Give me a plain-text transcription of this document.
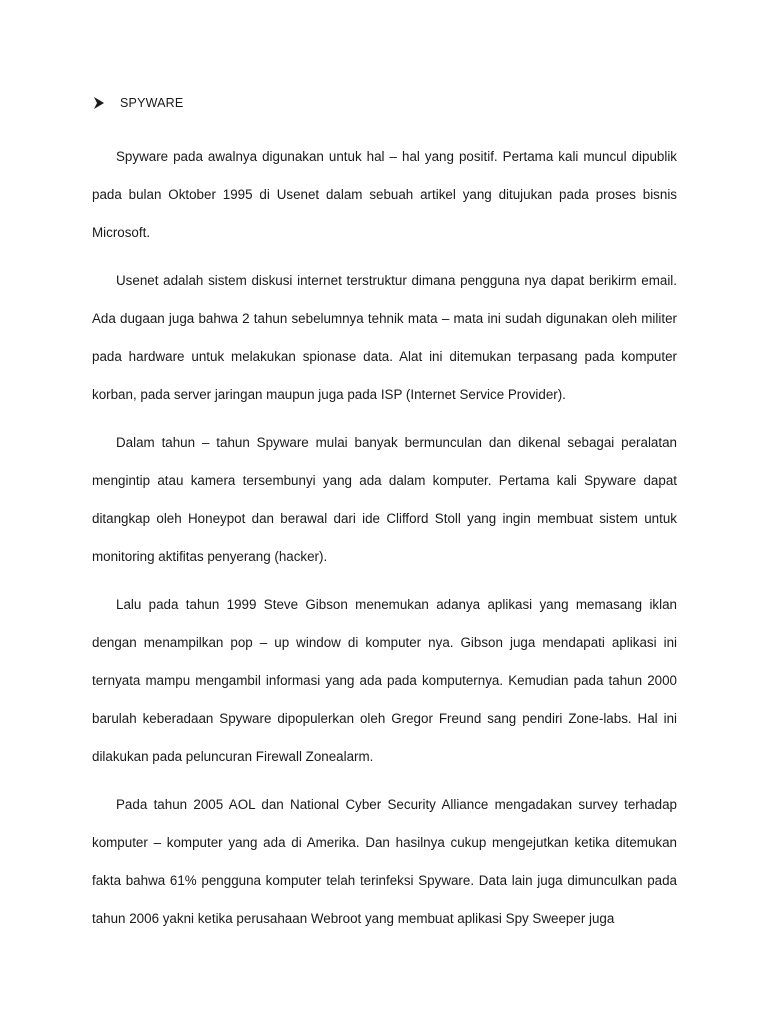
SPYWARE

Spyware pada awalnya digunakan untuk hal – hal yang positif. Pertama kali muncul dipublik pada bulan Oktober 1995 di Usenet dalam sebuah artikel yang ditujukan pada proses bisnis Microsoft.

Usenet adalah sistem diskusi internet terstruktur dimana pengguna nya dapat berikirm email. Ada dugaan juga bahwa 2 tahun sebelumnya tehnik mata – mata ini sudah digunakan oleh militer pada hardware untuk melakukan spionase data. Alat ini ditemukan terpasang pada komputer korban, pada server jaringan maupun juga pada ISP (Internet Service Provider).

Dalam tahun – tahun Spyware mulai banyak bermunculan dan dikenal sebagai peralatan mengintip atau kamera tersembunyi yang ada dalam komputer. Pertama kali Spyware dapat ditangkap oleh Honeypot dan berawal dari ide Clifford Stoll yang ingin membuat sistem untuk monitoring aktifitas penyerang (hacker).

Lalu pada tahun 1999 Steve Gibson menemukan adanya aplikasi yang memasang iklan dengan menampilkan pop – up window di komputer nya. Gibson juga mendapati aplikasi ini ternyata mampu mengambil informasi yang ada pada komputernya. Kemudian pada tahun 2000 barulah keberadaan Spyware dipopulerkan oleh Gregor Freund sang pendiri Zone-labs. Hal ini dilakukan pada peluncuran Firewall Zonealarm.

Pada tahun 2005 AOL dan National Cyber Security Alliance mengadakan survey terhadap komputer – komputer yang ada di Amerika. Dan hasilnya cukup mengejutkan ketika ditemukan fakta bahwa 61% pengguna komputer telah terinfeksi Spyware. Data lain juga dimunculkan pada tahun 2006 yakni ketika perusahaan Webroot yang membuat aplikasi Spy Sweeper juga
